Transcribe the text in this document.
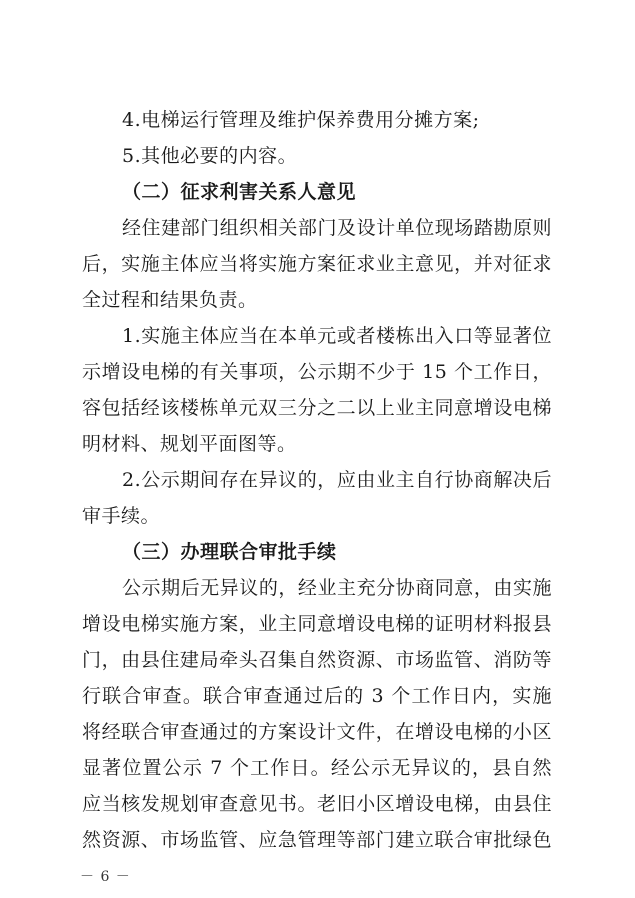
4.电梯运行管理及维护保养费用分摊方案;
5.其他必要的内容。
（二）征求利害关系人意见
经住建部门组织相关部门及设计单位现场踏勘原则
后，实施主体应当将实施方案征求业主意见，并对征求
全过程和结果负责。
1.实施主体应当在本单元或者楼栋出入口等显著位
示增设电梯的有关事项，公示期不少于 15 个工作日，
容包括经该楼栋单元双三分之二以上业主同意增设电梯
明材料、规划平面图等。
2.公示期间存在异议的，应由业主自行协商解决后
审手续。
（三）办理联合审批手续
公示期后无异议的，经业主充分协商同意，由实施
增设电梯实施方案，业主同意增设电梯的证明材料报县
门，由县住建局牵头召集自然资源、市场监管、消防等
行联合审查。联合审查通过后的 3 个工作日内，实施
将经联合审查通过的方案设计文件，在增设电梯的小区
显著位置公示 7 个工作日。经公示无异议的，县自然
应当核发规划审查意见书。老旧小区增设电梯，由县住
然资源、市场监管、应急管理等部门建立联合审批绿色
－ 6 －
